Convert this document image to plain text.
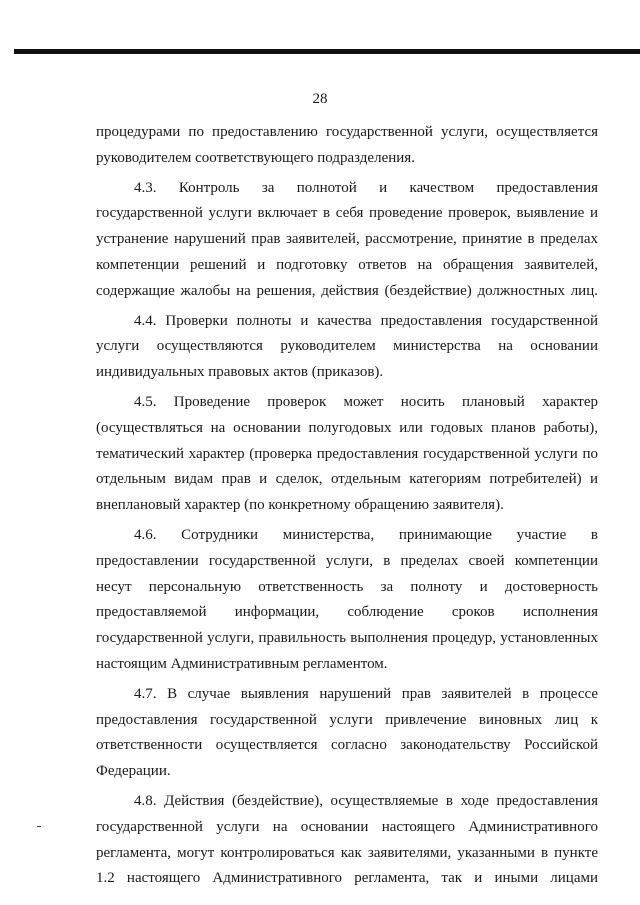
28

процедурами по предоставлению государственной услуги, осуществляется
руководителем соответствующего подразделения.

4.3. Контроль за полнотой и качеством предоставления
государственной услуги включает в себя проведение проверок, выявление и
устранение нарушений прав заявителей, рассмотрение, принятие в пределах
компетенции решений и подготовку ответов на обращения заявителей,
содержащие жалобы на решения, действия (бездействие) должностных лиц.

4.4. Проверки полноты и качества предоставления государственной
услуги осуществляются руководителем министерства на основании
индивидуальных правовых актов (приказов).

4.5. Проведение проверок может носить плановый характер
(осуществляться на основании полугодовых или годовых планов работы),
тематический характер (проверка предоставления государственной услуги по
отдельным видам прав и сделок, отдельным категориям потребителей) и
внеплановый характер (по конкретному обращению заявителя).

4.6. Сотрудники министерства, принимающие участие в
предоставлении государственной услуги, в пределах своей компетенции
несут персональную ответственность за полноту и достоверность
предоставляемой информации, соблюдение сроков исполнения
государственной услуги, правильность выполнения процедур, установленных
настоящим Административным регламентом.

4.7. В случае выявления нарушений прав заявителей в процессе
предоставления государственной услуги привлечение виновных лиц к
ответственности осуществляется согласно законодательству Российской
Федерации.

4.8. Действия (бездействие), осуществляемые в ходе предоставления
государственной услуги на основании настоящего Административного
регламента, могут контролироваться как заявителями, указанными в пункте
1.2 настоящего Административного регламента, так и иными лицами
